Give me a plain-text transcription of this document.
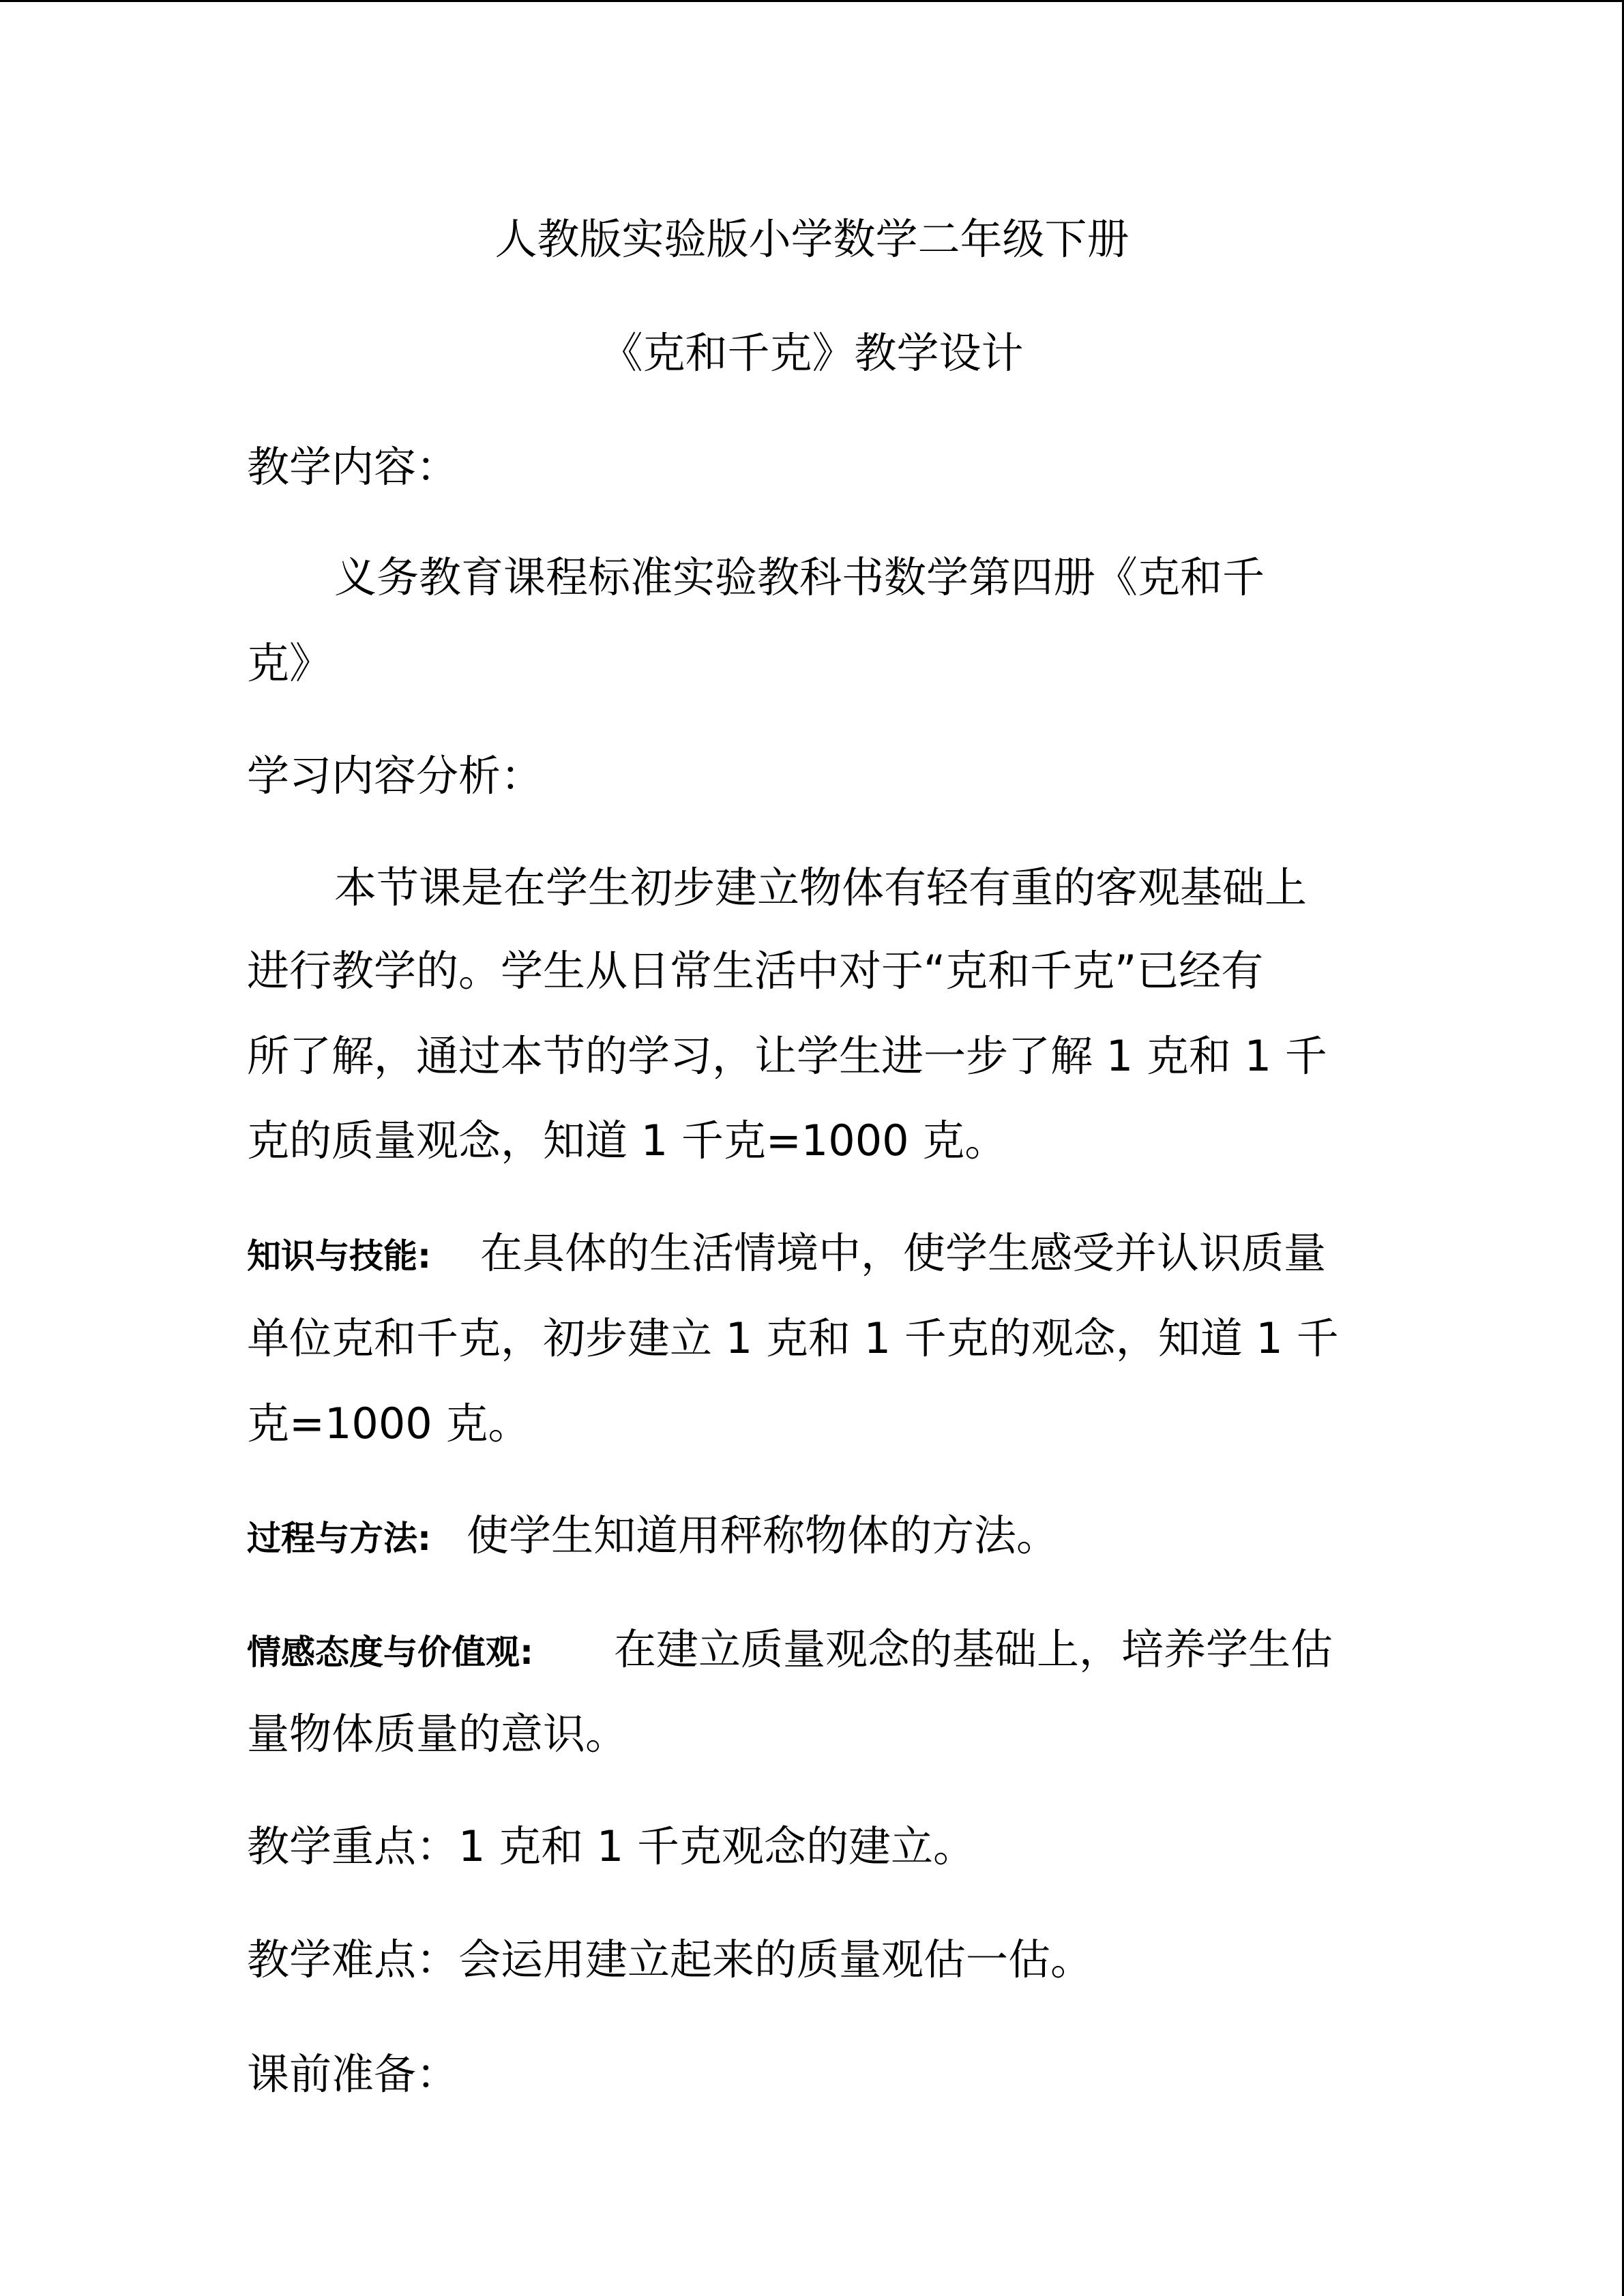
人教版实验版小学数学二年级下册
《克和千克》教学设计
教学内容：
义务教育课程标准实验教科书数学第四册《克和千
克》
学习内容分析：
本节课是在学生初步建立物体有轻有重的客观基础上
进行教学的。学生从日常生活中对于“克和千克”已经有
所了解，通过本节的学习，让学生进一步了解 1 克和 1 千
克的质量观念，知道 1 千克=1000 克。
知识与技能: 在具体的生活情境中，使学生感受并认识质量
单位克和千克，初步建立 1 克和 1 千克的观念，知道 1 千
克=1000 克。
过程与方法: 使学生知道用秤称物体的方法。
情感态度与价值观: 在建立质量观念的基础上，培养学生估
量物体质量的意识。
教学重点：1 克和 1 千克观念的建立。
教学难点：会运用建立起来的质量观估一估。
课前准备：
